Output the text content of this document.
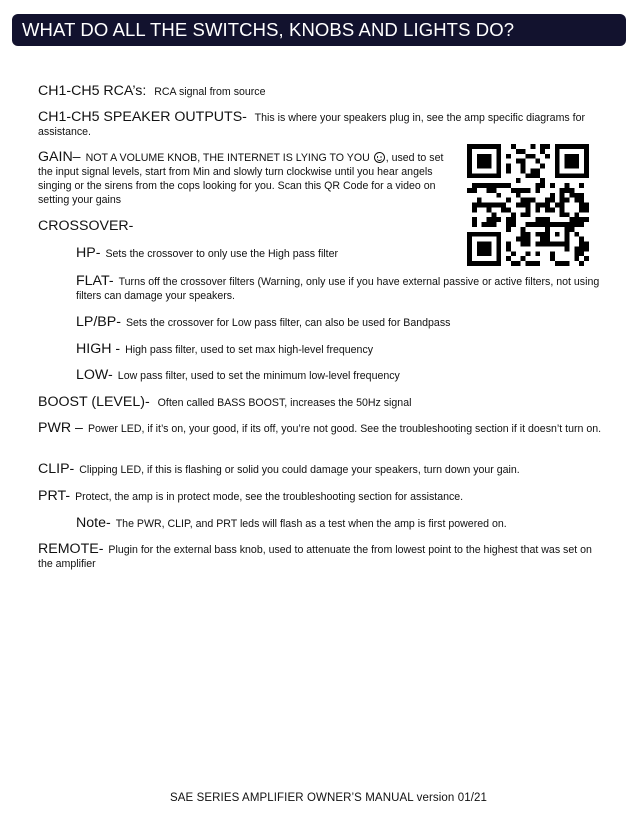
WHAT DO ALL THE SWITCHS, KNOBS AND LIGHTS DO?
CH1-CH5 RCA’s: RCA signal from source
CH1-CH5 SPEAKER OUTPUTS- This is where your speakers plug in, see the amp specific diagrams for assistance.
GAIN– NOT A VOLUME KNOB, THE INTERNET IS LYING TO YOU , used to set the input signal levels, start from Min and slowly turn clockwise until you hear angels singing or the sirens from the cops looking for you. Scan this QR Code for a video on setting your gains
CROSSOVER-
HP- Sets the crossover to only use the High pass filter
FLAT- Turns off the crossover filters (Warning, only use if you have external passive or active filters, not using filters can damage your speakers.
LP/BP- Sets the crossover for Low pass filter, can also be used for Bandpass
HIGH - High pass filter, used to set max high-level frequency
LOW- Low pass filter, used to set the minimum low-level frequency
BOOST (LEVEL)- Often called BASS BOOST, increases the 50Hz signal
PWR – Power LED, if it’s on, your good, if its off, you’re not good. See the troubleshooting section if it doesn’t turn on.
CLIP- Clipping LED, if this is flashing or solid you could damage your speakers, turn down your gain.
PRT- Protect, the amp is in protect mode, see the troubleshooting section for assistance.
Note- The PWR, CLIP, and PRT leds will flash as a test when the amp is first powered on.
REMOTE- Plugin for the external bass knob, used to attenuate the from lowest point to the highest that was set on the amplifier
SAE SERIES AMPLIFIER OWNER’S MANUAL version 01/21
